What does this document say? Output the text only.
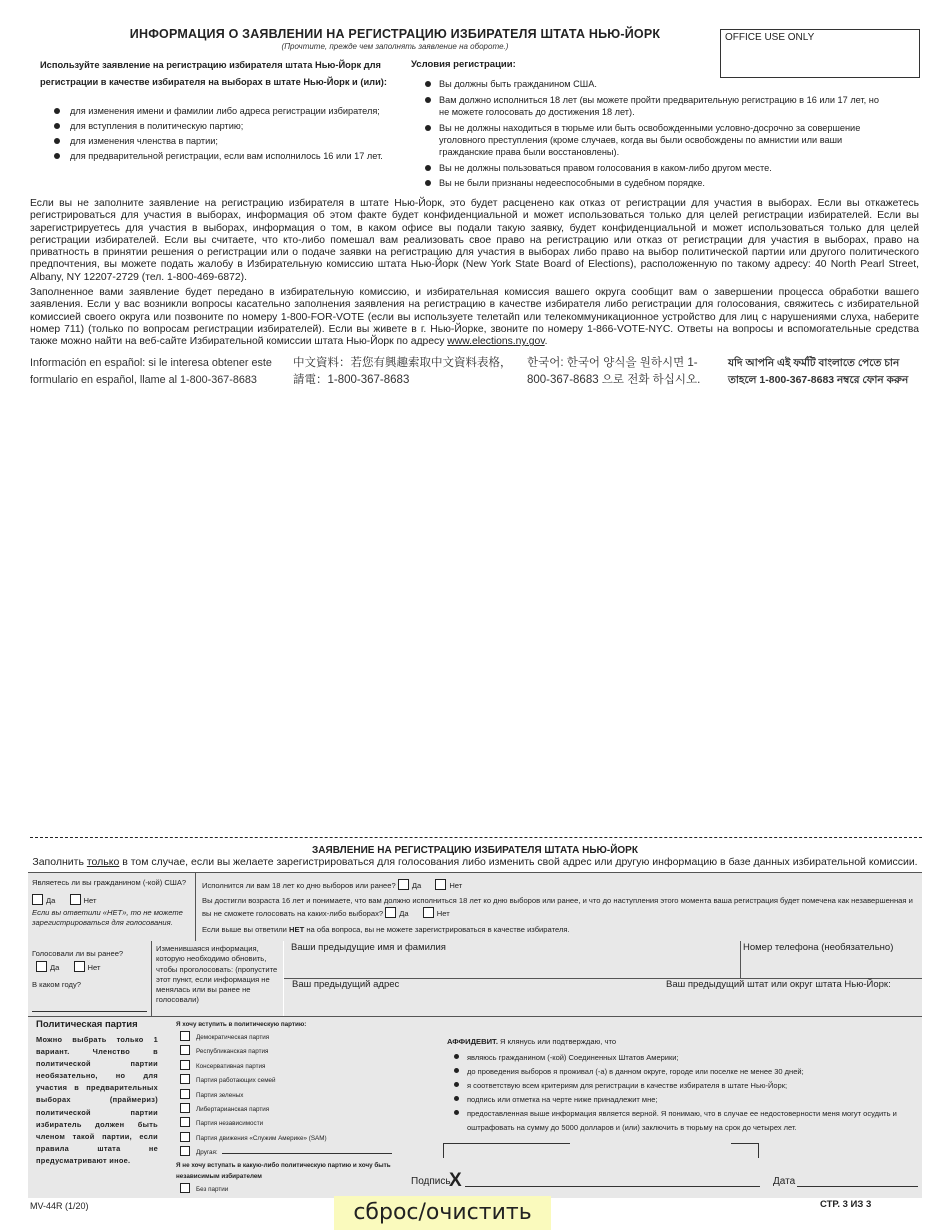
ИНФОРМАЦИЯ О ЗАЯВЛЕНИИ НА РЕГИСТРАЦИЮ ИЗБИРАТЕЛЯ ШТАТА НЬЮ-ЙОРК
(Прочтите, прежде чем заполнять заявление на обороте.)
OFFICE USE ONLY
Используйте заявление на регистрацию избирателя штата Нью-Йорк для регистрации в качестве избирателя на выборах в штате Нью-Йорк и (или):
для изменения имени и фамилии либо адреса регистрации избирателя;
для вступления в политическую партию;
для изменения членства в партии;
для предварительной регистрации, если вам исполнилось 16 или 17 лет.
Условия регистрации:
Вы должны быть гражданином США.
Вам должно исполниться 18 лет (вы можете пройти предварительную регистрацию в 16 или 17 лет, но не можете голосовать до достижения 18 лет).
Вы не должны находиться в тюрьме или быть освобожденными условно-досрочно за совершение уголовного преступления (кроме случаев, когда вы были освобождены по амнистии или ваши гражданские права были восстановлены).
Вы не должны пользоваться правом голосования в каком-либо другом месте.
Вы не были признаны недееспособными в судебном порядке.
Если вы не заполните заявление на регистрацию избирателя в штате Нью-Йорк, это будет расценено как отказ от регистрации для участия в выборах. Если вы откажетесь регистрироваться для участия в выборах, информация об этом факте будет конфиденциальной и может использоваться только для целей регистрации избирателей. Если вы зарегистрируетесь для участия в выборах, информация о том, в каком офисе вы подали такую заявку, будет конфиденциальной и может использоваться только для целей регистрации избирателей. Если вы считаете, что кто-либо помешал вам реализовать свое право на регистрацию или отказ от регистрации для участия в выборах, право на приватность в принятии решения о регистрации или о подаче заявки на регистрацию для участия в выборах либо право на выбор политической партии или другого политического предпочтения, вы можете подать жалобу в Избирательную комиссию штата Нью-Йорк (New York State Board of Elections), расположенную по такому адресу: 40 North Pearl Street, Albany, NY 12207-2729 (тел. 1-800-469-6872).
Заполненное вами заявление будет передано в избирательную комиссию, и избирательная комиссия вашего округа сообщит вам о завершении процесса обработки вашего заявления. Если у вас возникли вопросы касательно заполнения заявления на регистрацию в качестве избирателя либо регистрации для голосования, свяжитесь с избирательной комиссией своего округа или позвоните по номеру 1-800-FOR-VOTE (если вы используете телетайп или телекоммуникационное устройство для лиц с нарушениями слуха, наберите номер 711) (только по вопросам регистрации избирателей). Если вы живете в г. Нью-Йорке, звоните по номеру 1-866-VOTE-NYC. Ответы на вопросы и вспомогательные средства также можно найти на веб-сайте Избирательной комиссии штата Нью-Йорк по адресу www.elections.ny.gov.
Información en español: si le interesa obtener este formulario en español, llame al 1-800-367-8683
中文資料：若您有興趣索取中文資料表格，請電：1-800-367-8683
한국어: 한국어 양식을 원하시면 1-800-367-8683 으로 전화 하십시오.
যদি আপনি এই ফর্মটি বাংলাতে পেতে চান তাহলে 1-800-367-8683 নম্বরে ফোন করুন
ЗАЯВЛЕНИЕ НА РЕГИСТРАЦИЮ ИЗБИРАТЕЛЯ ШТАТА НЬЮ-ЙОРК
Заполнить только в том случае, если вы желаете зарегистрироваться для голосования либо изменить свой адрес или другую информацию в базе данных избирательной комиссии.
Являетесь ли вы гражданином (-кой) США?
Да	Нет
Если вы ответили «НЕТ», то не можете зарегистрироваться для голосования.
Исполнится ли вам 18 лет ко дню выборов или ранее? Да	Нет
Вы достигли возраста 16 лет и понимаете, что вам должно исполниться 18 лет ко дню выборов или ранее, и что до наступления этого момента ваша регистрация будет помечена как незавершенная и вы не сможете голосовать на каких-либо выборах? Да	Нет
Если выше вы ответили НЕТ на оба вопроса, вы не можете зарегистрироваться в качестве избирателя.
Голосовали ли вы ранее?
Да	Нет
В каком году?
Изменившаяся информация, которую необходимо обновить, чтобы проголосовать: (пропустите этот пункт, если информация не менялась или вы ранее не голосовали)
Ваши предыдущие имя и фамилия	Номер телефона (необязательно)
Ваш предыдущий адрес	Ваш предыдущий штат или округ штата Нью-Йорк:
Политическая партия
Можно выбрать только 1 вариант. Членство в политической партии необязательно, но для участия в предварительных выборах (праймериз) политической партии избиратель должен быть членом такой партии, если правила штата не предусматривают иное.
Я хочу вступить в политическую партию:
Демократическая партия
Республиканская партия
Консервативная партия
Партия работающих семей
Партия зеленых
Либертарианская партия
Партия независимости
Партия движения «Служим Америке» (SAM)
Другая:
Я не хочу вступать в какую-либо политическую партию и хочу быть независимым избирателем
Без партии
АФФИДЕВИТ. Я клянусь или подтверждаю, что
являюсь гражданином (-кой) Соединенных Штатов Америки;
до проведения выборов я проживал (-а) в данном округе, городе или поселке не менее 30 дней;
я соответствую всем критериям для регистрации в качестве избирателя в штате Нью-Йорк;
подпись или отметка на черте ниже принадлежит мне;
предоставленная выше информация является верной. Я понимаю, что в случае ее недостоверности меня могут осудить и оштрафовать на сумму до 5000 долларов и (или) заключить в тюрьму на срок до четырех лет.
Подпись
X	Дата
MV-44R (1/20)	СТР. 3 ИЗ 3
сброс/очистить
